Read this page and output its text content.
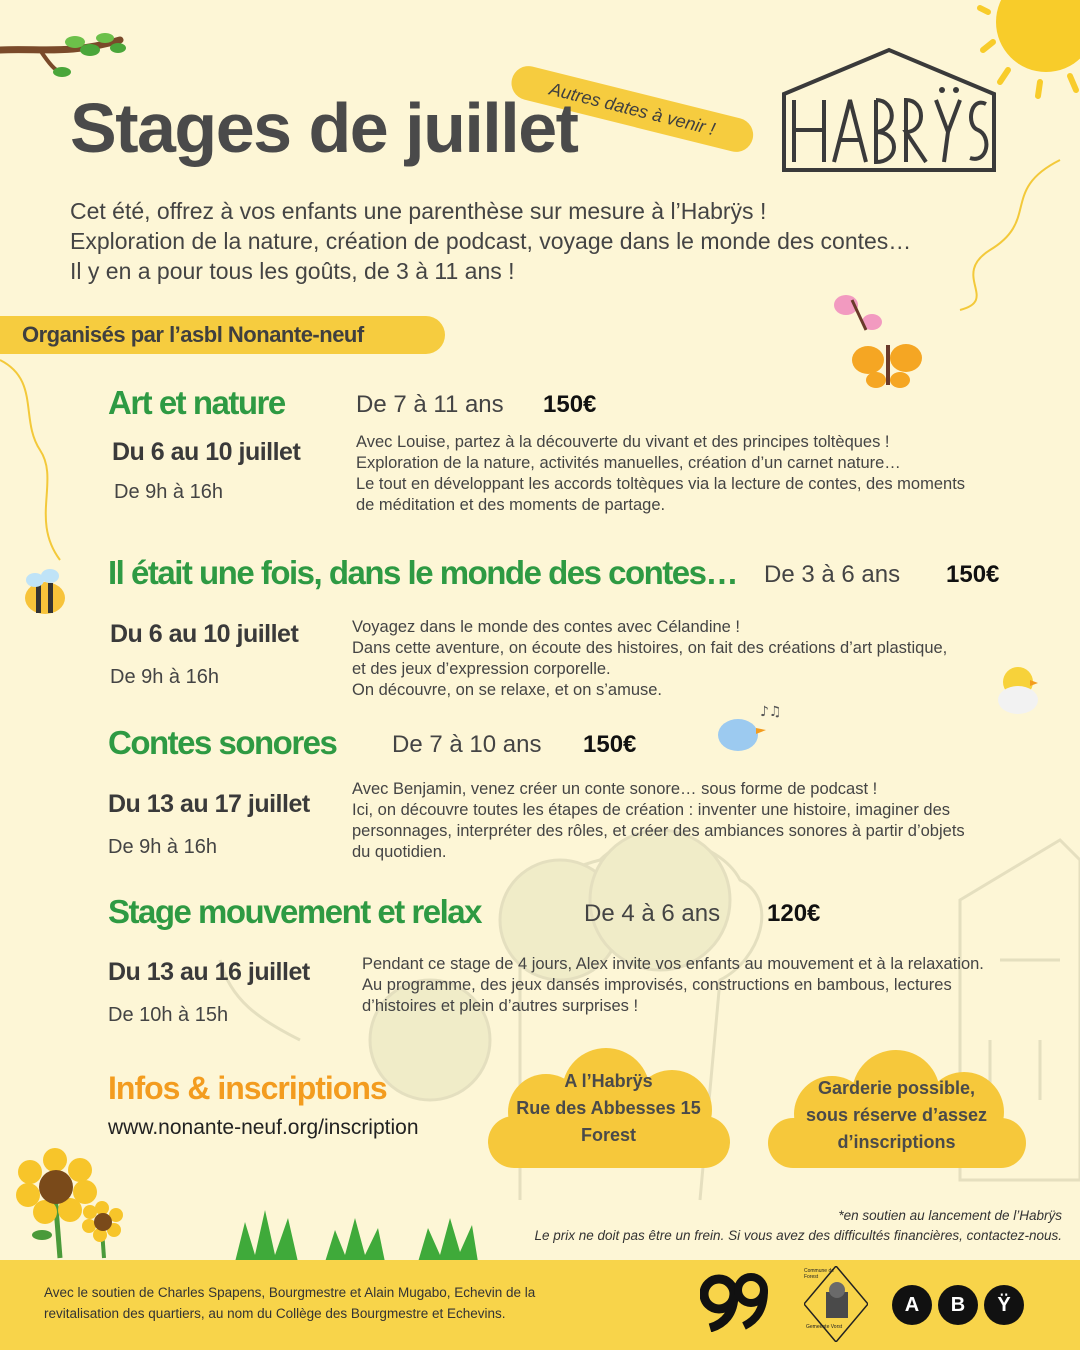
♪♫
Autres dates à venir !
Stages de juillet
Cet été, offrez à vos enfants une parenthèse sur mesure à l’Habrÿs !
Exploration de la nature, création de podcast, voyage dans le monde des contes…
Il y en a pour tous les goûts, de 3 à 11 ans !
Organisés par l’asbl Nonante-neuf
Art et nature	De 7 à 11 ans 150€
Du 6 au 10 juillet
De 9h à 16h
Avec Louise, partez à la découverte du vivant et des principes toltèques !
Exploration de la nature, activités manuelles, création d’un carnet nature…
Le tout en développant les accords toltèques via la lecture de contes, des moments
de méditation et des moments de partage.
Il était une fois, dans le monde des contes… De 3 à 6 ans 150€
Du 6 au 10 juillet
De 9h à 16h
Voyagez dans le monde des contes avec Célandine !
Dans cette aventure, on écoute des histoires, on fait des créations d’art plastique,
et des jeux d’expression corporelle.
On découvre, on se relaxe, et on s’amuse.
Contes sonores De 7 à 10 ans 150€
Du 13 au 17 juillet
De 9h à 16h
Avec Benjamin, venez créer un conte sonore… sous forme de podcast !
Ici, on découvre toutes les étapes de création : inventer une histoire, imaginer des
personnages, interpréter des rôles, et créer des ambiances sonores à partir d’objets
du quotidien.
Stage mouvement et relax	De 4 à 6 ans 120€
Du 13 au 16 juillet
De 10h à 15h
Pendant ce stage de 4 jours, Alex invite vos enfants au mouvement et à la relaxation.
Au programme, des jeux dansés improvisés, constructions en bambous, lectures
d’histoires et plein d’autres surprises !
Infos & inscriptions
www.nonante-neuf.org/inscription
A l’Habrÿs
Rue des Abbesses 15
Forest
Garderie possible,
sous réserve d’assez
d’inscriptions
*en soutien au lancement de l’Habrÿs
Le prix ne doit pas être un frein. Si vous avez des difficultés financières, contactez-nous.
Avec le soutien de Charles Spapens, Bourgmestre et Alain Mugabo, Echevin de la
revitalisation des quartiers, au nom du Collège des Bourgmestre et Echevins.
99	Commune de Forest
Gemeente Vorst
A	B	Ÿ
